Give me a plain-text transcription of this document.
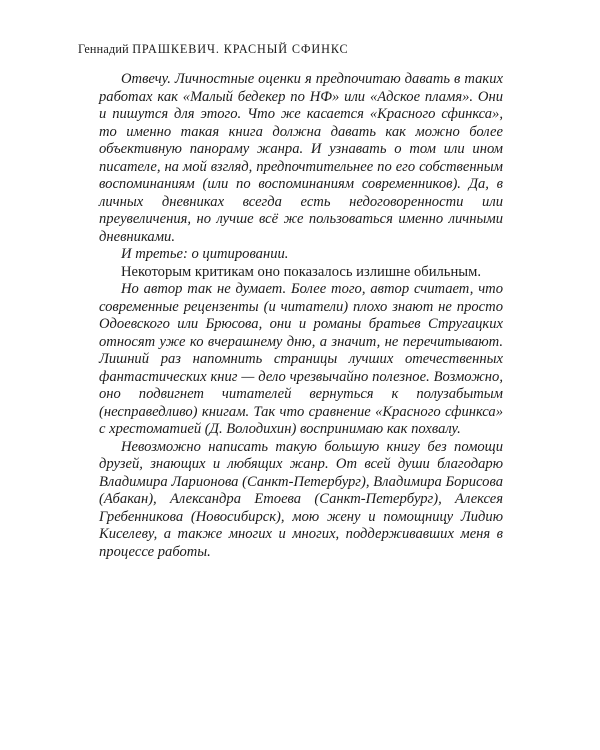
Геннадий ПРАШКЕВИЧ. КРАСНЫЙ СФИНКС

Отвечу. Личностные оценки я предпочитаю давать в таких работах как «Малый бедекер по НФ» или «Адское пламя». Они и пишутся для этого. Что же касается «Красного сфинкса», то именно такая книга должна давать как можно более объективную панораму жанра. И узнавать о том или ином писателе, на мой взгляд, предпочтительнее по его собственным воспоминаниям (или по воспоминаниям современников). Да, в личных дневниках всегда есть недоговоренности или преувеличения, но лучше всё же пользоваться именно личными дневниками.

И третье: о цитировании.

Некоторым критикам оно показалось излишне обильным.

Но автор так не думает. Более того, автор считает, что современные рецензенты (и читатели) плохо знают не просто Одоевского или Брюсова, они и романы братьев Стругацких относят уже ко вчерашнему дню, а значит, не перечитывают. Лишний раз напомнить страницы лучших отечественных фантастических книг — дело чрезвычайно полезное. Возможно, оно подвигнет читателей вернуться к полузабытым (несправедливо) книгам. Так что сравнение «Красного сфинкса» с хрестоматией (Д. Володихин) воспринимаю как похвалу.

Невозможно написать такую большую книгу без помощи друзей, знающих и любящих жанр. От всей души благодарю Владимира Ларионова (Санкт-Петербург), Владимира Борисова (Абакан), Александра Етоева (Санкт-Петербург), Алексея Гребенникова (Новосибирск), мою жену и помощницу Лидию Киселеву, а также многих и многих, поддерживавших меня в процессе работы.
